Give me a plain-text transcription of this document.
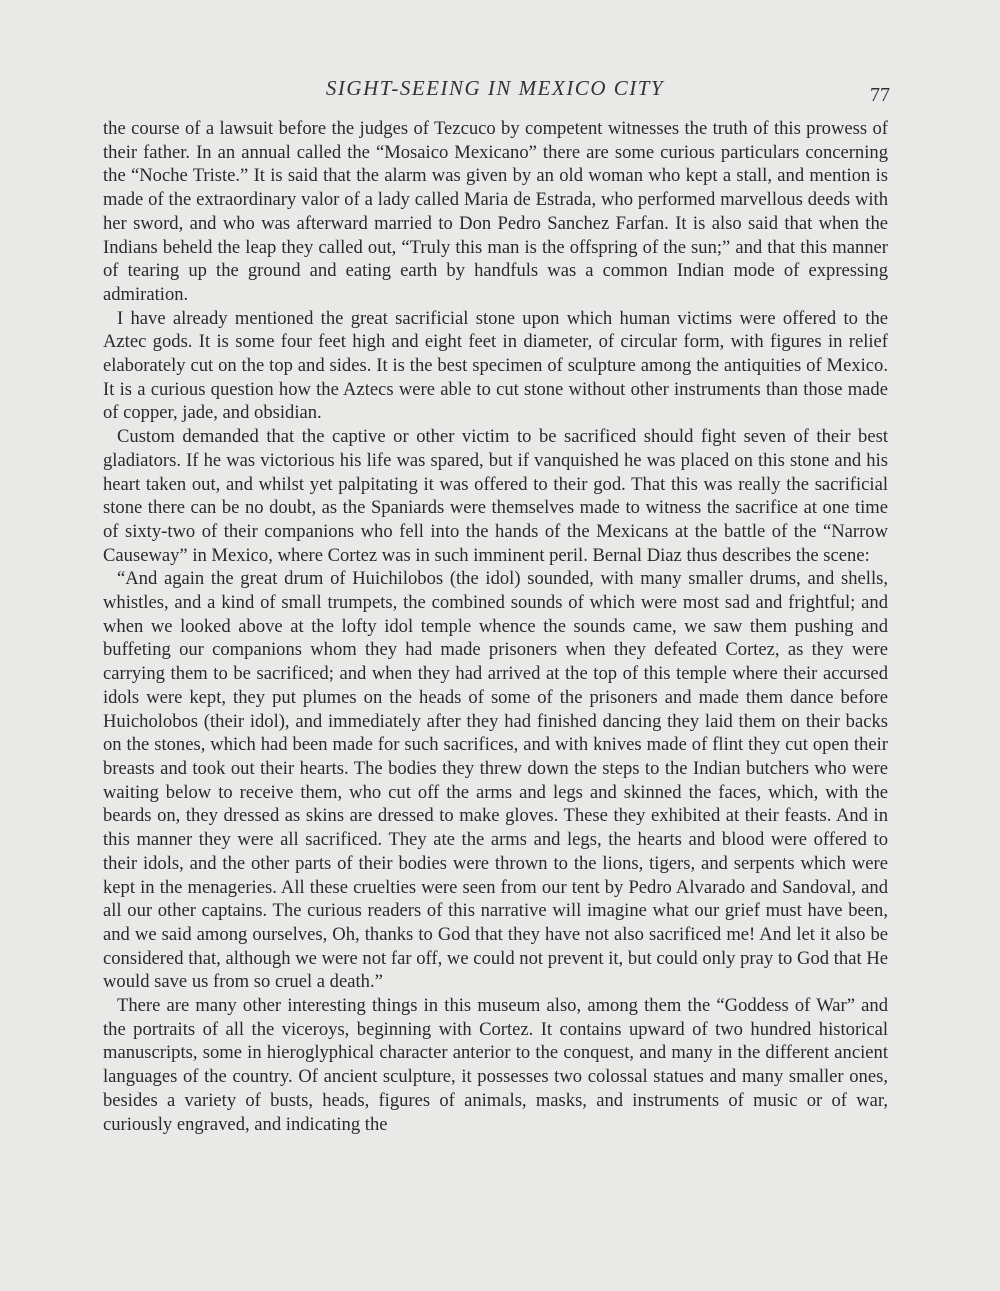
SIGHT-SEEING IN MEXICO CITY	77

the course of a lawsuit before the judges of Tezcuco by competent witnesses the truth of this prowess of their father. In an annual called the “Mosaico Mexicano” there are some curious particulars concerning the “Noche Triste.” It is said that the alarm was given by an old woman who kept a stall, and mention is made of the extraordinary valor of a lady called Maria de Estrada, who performed marvellous deeds with her sword, and who was afterward married to Don Pedro Sanchez Farfan. It is also said that when the Indians beheld the leap they called out, “Truly this man is the offspring of the sun;” and that this manner of tearing up the ground and eating earth by handfuls was a common Indian mode of expressing admiration.

I have already mentioned the great sacrificial stone upon which human victims were offered to the Aztec gods. It is some four feet high and eight feet in diameter, of circular form, with figures in relief elaborately cut on the top and sides. It is the best specimen of sculpture among the antiquities of Mexico. It is a curious question how the Aztecs were able to cut stone without other instruments than those made of copper, jade, and obsidian.

Custom demanded that the captive or other victim to be sacrificed should fight seven of their best gladiators. If he was victorious his life was spared, but if vanquished he was placed on this stone and his heart taken out, and whilst yet palpitating it was offered to their god. That this was really the sacrificial stone there can be no doubt, as the Spaniards were themselves made to witness the sacrifice at one time of sixty-two of their companions who fell into the hands of the Mexicans at the battle of the “Narrow Causeway” in Mexico, where Cortez was in such imminent peril. Bernal Diaz thus describes the scene:

“And again the great drum of Huichilobos (the idol) sounded, with many smaller drums, and shells, whistles, and a kind of small trumpets, the combined sounds of which were most sad and frightful; and when we looked above at the lofty idol temple whence the sounds came, we saw them pushing and buffeting our companions whom they had made prisoners when they defeated Cortez, as they were carrying them to be sacrificed; and when they had arrived at the top of this temple where their accursed idols were kept, they put plumes on the heads of some of the prisoners and made them dance before Huicholobos (their idol), and immediately after they had finished dancing they laid them on their backs on the stones, which had been made for such sacrifices, and with knives made of flint they cut open their breasts and took out their hearts. The bodies they threw down the steps to the Indian butchers who were waiting below to receive them, who cut off the arms and legs and skinned the faces, which, with the beards on, they dressed as skins are dressed to make gloves. These they exhibited at their feasts. And in this manner they were all sacrificed. They ate the arms and legs, the hearts and blood were offered to their idols, and the other parts of their bodies were thrown to the lions, tigers, and serpents which were kept in the menageries. All these cruelties were seen from our tent by Pedro Alvarado and Sandoval, and all our other captains. The curious readers of this narrative will imagine what our grief must have been, and we said among ourselves, Oh, thanks to God that they have not also sacrificed me! And let it also be considered that, although we were not far off, we could not prevent it, but could only pray to God that He would save us from so cruel a death.”

There are many other interesting things in this museum also, among them the “Goddess of War” and the portraits of all the viceroys, beginning with Cortez. It contains upward of two hundred historical manuscripts, some in hieroglyphical character anterior to the conquest, and many in the different ancient languages of the country. Of ancient sculpture, it possesses two colossal statues and many smaller ones, besides a variety of busts, heads, figures of animals, masks, and instruments of music or of war, curiously engraved, and indicating the
